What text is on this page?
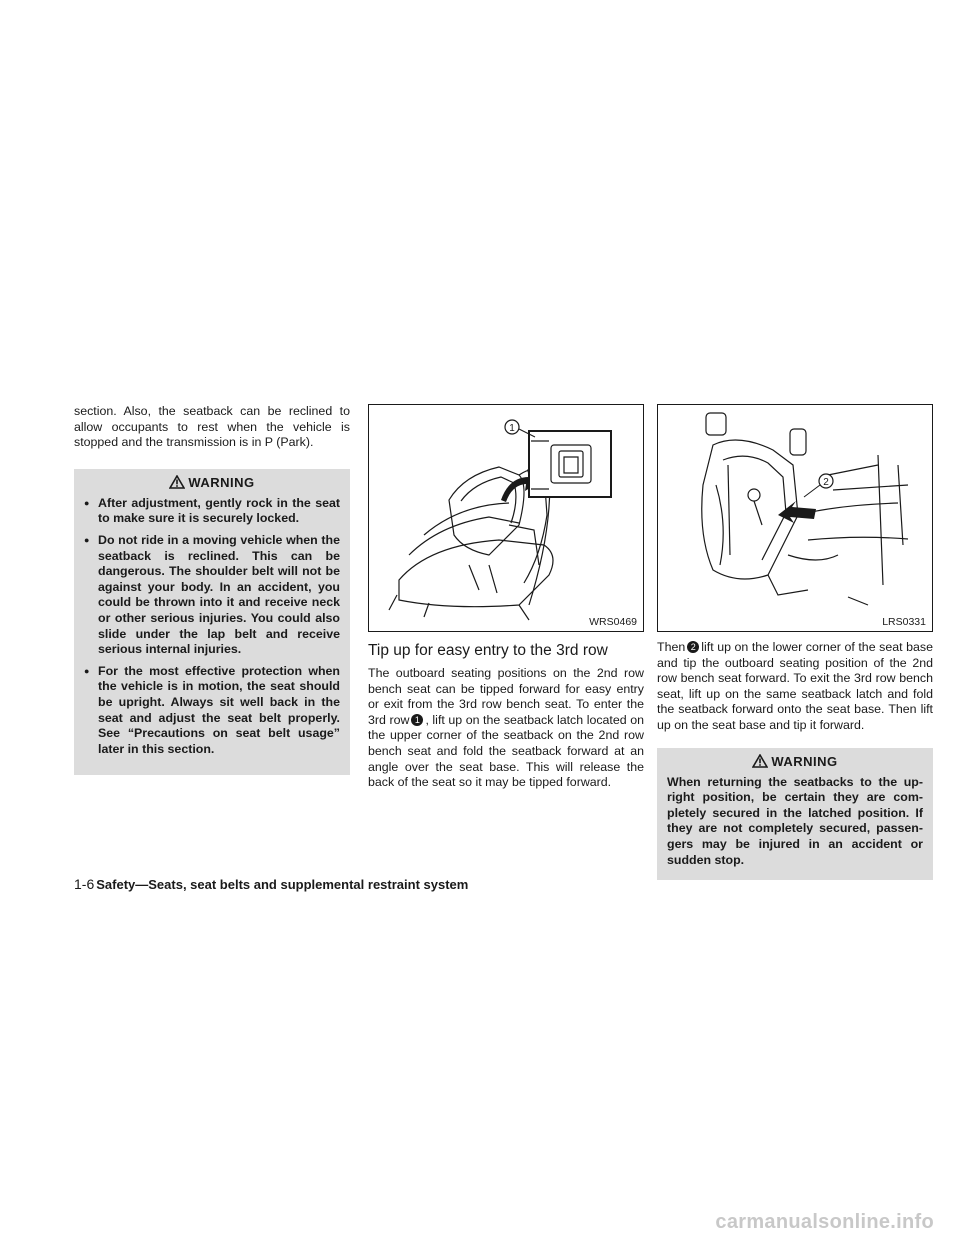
section. Also, the seatback can be reclined to allow occupants to rest when the vehicle is stopped and the transmission is in P (Park).

WARNING
● After adjustment, gently rock in the seat to make sure it is securely locked.
● Do not ride in a moving vehicle when the seatback is reclined. This can be dangerous. The shoulder belt will not be against your body. In an accident, you could be thrown into it and receive neck or other serious injuries. You could also slide under the lap belt and receive serious internal injuries.
● For the most effective protection when the vehicle is in motion, the seat should be upright. Always sit well back in the seat and adjust the seat belt properly. See “Precautions on seat belt usage” later in this section.
1
WRS0469
Tip up for easy entry to the 3rd row

The outboard seating positions on the 2nd row bench seat can be tipped forward for easy entry or exit from the 3rd row bench seat. To enter the 3rd row 1 , lift up on the seatback latch located on the upper corner of the seatback on the 2nd row bench seat and fold the seatback forward at an angle over the seat base. This will release the back of the seat so it may be tipped forward.

2
LRS0331

Then 2 lift up on the lower corner of the seat base and tip the outboard seating position of the 2nd row bench seat forward. To exit the 3rd row bench seat, lift up on the same seatback latch and fold the seatback forward onto the seat base. Then lift up on the seat base and tip it forward.

WARNING

When returning the seatbacks to the up-right position, be certain they are com-pletely secured in the latched position. If they are not completely secured, passen-gers may be injured in an accident or sudden stop.

1-6 Safety—Seats, seat belts and supplemental restraint system
carmanualsonline.info
